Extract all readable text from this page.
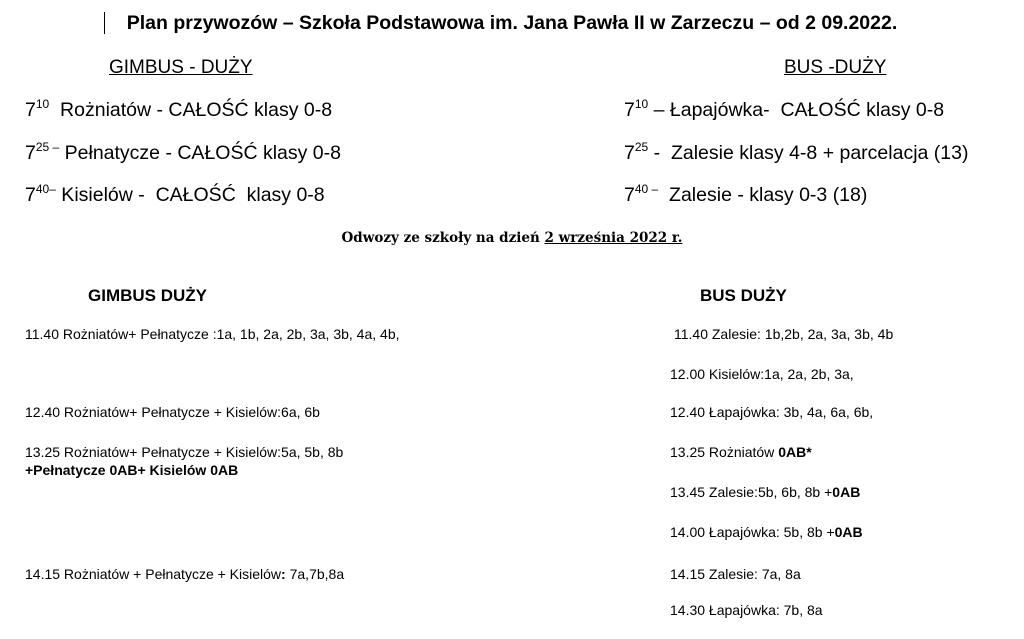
Plan przywozów – Szkoła Podstawowa im. Jana Pawła II w Zarzeczu – od 2 09.2022.
GIMBUS - DUŻY
$7^{10}$  Rożniatów - CAŁOŚĆ klasy 0-8
$7^{25 -}$ Pełnatycze - CAŁOŚĆ klasy 0-8
$7^{40-}$ Kisielów -  CAŁOŚĆ  klasy 0-8
BUS -DUŻY
$7^{10}$ – Łapajówka-  CAŁOŚĆ klasy 0-8
$7^{25}$ -  Zalesie klasy 4-8 + parcelacja (13)
$7^{40 -}$  Zalesie - klasy 0-3 (18)
Odwozy ze szkoły na dzień 2 września 2022 r.
GIMBUS DUŻY
11.40 Rożniatów+ Pełnatycze :1a, 1b, 2a, 2b, 3a, 3b, 4a, 4b,
12.40 Rożniatów+ Pełnatycze + Kisielów:6a, 6b
13.25 Rożniatów+ Pełnatycze + Kisielów:5a, 5b, 8b
+Pełnatycze 0AB+ Kisielów 0AB
14.15 Rożniatów + Pełnatycze + Kisielów: 7a,7b,8a
BUS DUŻY
11.40 Zalesie: 1b,2b, 2a, 3a, 3b, 4b
12.00 Kisielów:1a, 2a, 2b, 3a,
12.40 Łapajówka: 3b, 4a, 6a, 6b,
13.25 Rożniatów 0AB*
13.45 Zalesie:5b, 6b, 8b +0AB
14.00 Łapajówka: 5b, 8b +0AB
14.15 Zalesie: 7a, 8a
14.30 Łapajówka: 7b, 8a
